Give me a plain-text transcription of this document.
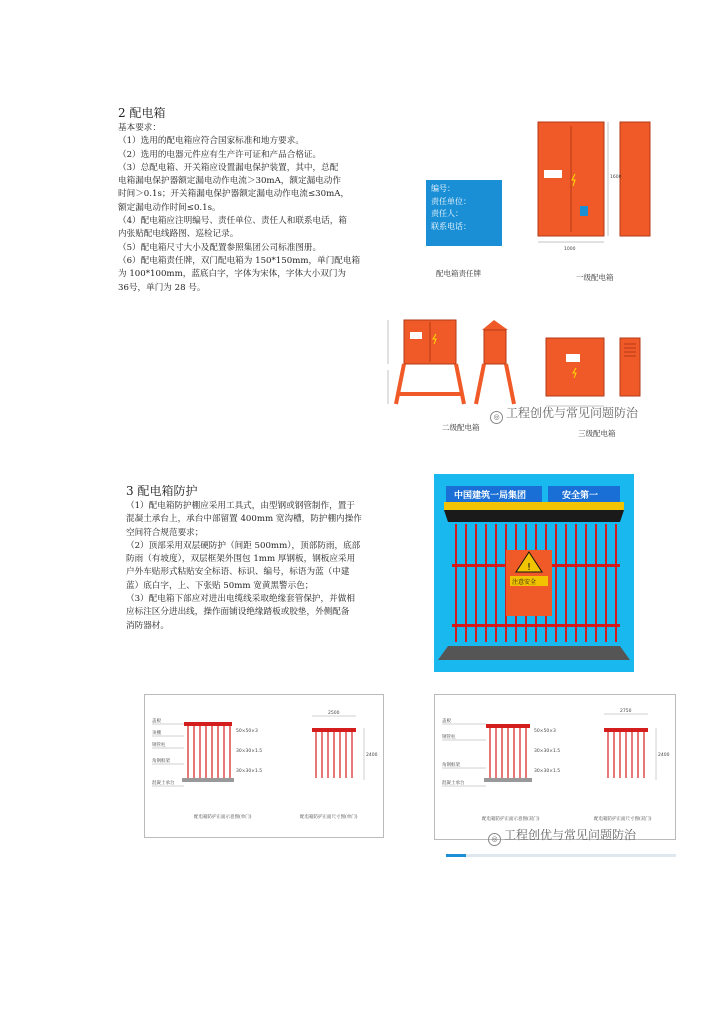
2 配电箱
基本要求：
（1）选用的配电箱应符合国家标准和地方要求。
（2）选用的电器元件应有生产许可证和产品合格证。
（3）总配电箱、开关箱应设置漏电保护装置，其中，总配
电箱漏电保护器额定漏电动作电流＞30mA，额定漏电动作
时间＞0.1s；开关箱漏电保护器额定漏电动作电流≤30mA，
额定漏电动作时间≤0.1s。
（4）配电箱应注明编号、责任单位、责任人和联系电话，箱
内张贴配电线路图、巡检记录。
（5）配电箱尺寸大小及配置参照集团公司标准图册。
（6）配电箱责任牌，双门配电箱为 150*150mm，单门配电箱
为 100*100mm，蓝底白字，字体为宋体，字体大小双门为
36号，单门为 28 号。
编号：
责任单位：
责任人：
联系电话：
配电箱责任牌
1000
1600
一级配电箱
二级配电箱
三级配电箱
◎ 工程创优与常见问题防治
3 配电箱防护
（1）配电箱防护棚应采用工具式，由型钢或钢管制作，置于
混凝土承台上，承台中部留置 400mm 宽沟槽，防护棚内操作
空间符合规范要求；
（2）顶部采用双层硬防护（间距 500mm），顶部防雨，底部
防雨（有坡度），双层框架外围包 1mm 厚钢板，钢板应采用
户外车贴形式粘贴安全标语、标识、编号，标语为蓝（中建
蓝）底白字，上、下张贴 50mm 宽黄黑警示色；
（3）配电箱下部应对进出电缆线采取绝缘套管保护，并做相
应标注区分进出线，操作面铺设绝缘踏板或胶垫，外侧配备
消防器材。
中国建筑一局集团	安全第一
!
注意安全
盖板
顶棚
钢管柱
角钢框架
混凝土承台
50×50×3
30×30×1.5
30×30×1.5
2500
2400
配电箱防护正面示意图(单门)	配电箱防护正面尺寸图(单门)
盖板
钢管柱
角钢框架
混凝土承台
50×50×3
30×30×1.5
30×30×1.5
2750
2400
配电箱防护正面示意图(双门)	配电箱防护正面尺寸图(双门)
◎ 工程创优与常见问题防治
